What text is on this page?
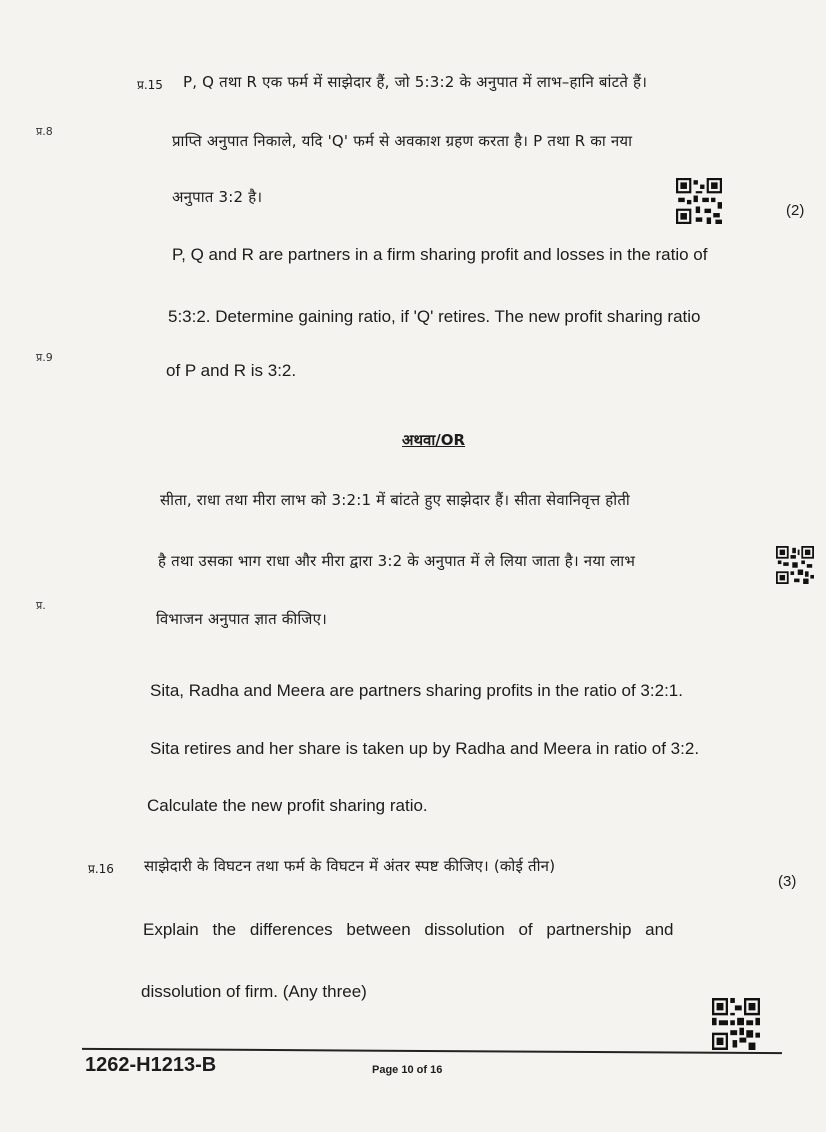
प्र.8
प्र.9
प्र.
प्र.15 P, Q तथा R एक फर्म में साझेदार हैं, जो 5:3:2 के अनुपात में लाभ–हानि बांटते हैं।
प्राप्ति अनुपात निकाले, यदि 'Q' फर्म से अवकाश ग्रहण करता है। P तथा R का नया
अनुपात 3:2 है।
(2)
P, Q and R are partners in a firm sharing profit and losses in the ratio of
5:3:2. Determine gaining ratio, if 'Q' retires. The new profit sharing ratio
of P and R is 3:2.
अथवा/OR
सीता, राधा तथा मीरा लाभ को 3:2:1 में बांटते हुए साझेदार हैं। सीता सेवानिवृत्त होती
है तथा उसका भाग राधा और मीरा द्वारा 3:2 के अनुपात में ले लिया जाता है। नया लाभ
विभाजन अनुपात ज्ञात कीजिए।
Sita, Radha and Meera are partners sharing profits in the ratio of 3:2:1.
Sita retires and her share is taken up by Radha and Meera in ratio of 3:2.
Calculate the new profit sharing ratio.
प्र.16 साझेदारी के विघटन तथा फर्म के विघटन में अंतर स्पष्ट कीजिए। (कोई तीन)
(3)
Explain the differences between dissolution of partnership and
dissolution of firm. (Any three)
1262-H1213-B	Page 10 of 16
